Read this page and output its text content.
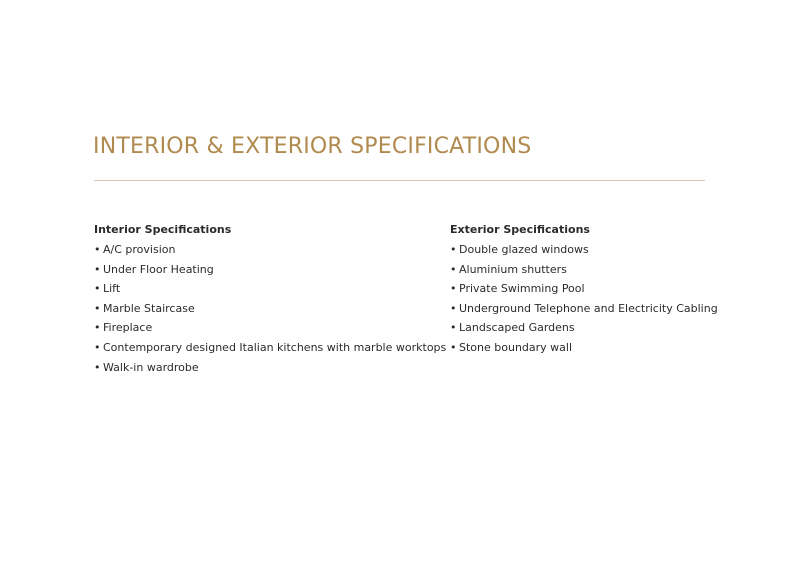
INTERIOR & EXTERIOR SPECIFICATIONS
Interior Specifications
• A/C provision
• Under Floor Heating
• Lift
• Marble Staircase
• Fireplace
• Contemporary designed Italian kitchens with marble worktops
• Walk-in wardrobe
Exterior Specifications
• Double glazed windows
• Aluminium shutters
• Private Swimming Pool
• Underground Telephone and Electricity Cabling
• Landscaped Gardens
• Stone boundary wall
